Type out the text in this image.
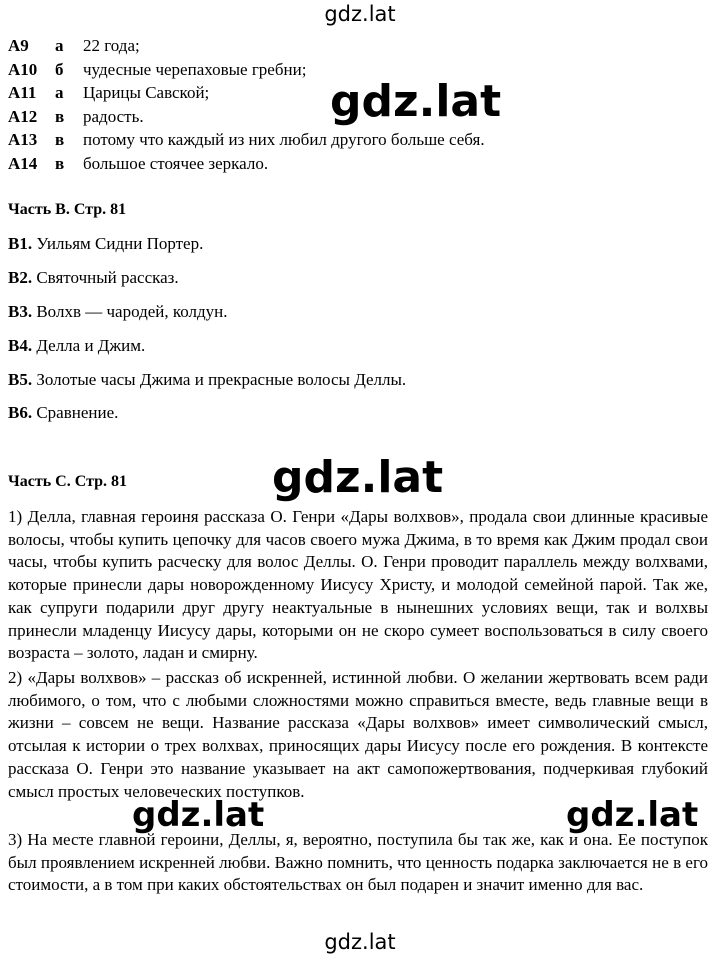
gdz.lat
A9	а	22 года;
A10	б	чудесные черепаховые гребни;
A11	а	Царицы Савской;
A12	в	радость.
A13	в	потому что каждый из них любил другого больше себя.
A14	в	большое стоячее зеркало.
gdz.lat
Часть В. Стр. 81
В1. Уильям Сидни Портер.
В2. Святочный рассказ.
В3. Волхв — чародей, колдун.
В4. Делла и Джим.
В5. Золотые часы Джима и прекрасные волосы Деллы.
В6. Сравнение.
Часть С. Стр. 81	gdz.lat

1) Делла, главная героиня рассказа О. Генри «Дары волхвов», продала свои длинные красивые волосы, чтобы купить цепочку для часов своего мужа Джима, в то время как Джим продал свои часы, чтобы купить расческу для волос Деллы. О. Генри проводит параллель между волхвами, которые принесли дары новорожденному Иисусу Христу, и молодой семейной парой. Так же, как супруги подарили друг другу неактуальные в нынешних условиях вещи, так и волхвы принесли младенцу Иисусу дары, которыми он не скоро сумеет воспользоваться в силу своего возраста – золото, ладан и смирну.

2) «Дары волхвов» – рассказ об искренней, истинной любви. О желании жертвовать всем ради любимого, о том, что с любыми сложностями можно справиться вместе, ведь главные вещи в жизни – совсем не вещи. Название рассказа «Дары волхвов» имеет символический смысл, отсылая к истории о трех волхвах, приносящих дары Иисусу после его рождения. В контексте рассказа О. Генри это название указывает на акт самопожертвования, подчеркивая глубокий смысл простых человеческих поступков.

3) На месте главной героини, Деллы, я, вероятно, поступила бы так же, как и она. Ее поступок был проявлением искренней любви. Важно помнить, что ценность подарка заключается не в его стоимости, а в том при каких обстоятельствах он был подарен и значит именно для вас.

gdz.lat	gdz.lat
gdz.lat
